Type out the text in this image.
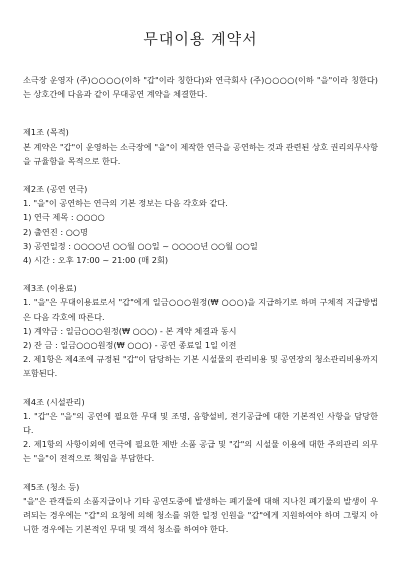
무대이용 계약서

소극장 운영자 (주)○○○○(이하 "갑"이라 칭한다)와 연극회사 (주)○○○○(이하 "을"이라 칭한다)는 상호간에 다음과 같이 무대공연 계약을 체결한다.

제1조 (목적)

본 계약은 "갑"이 운영하는 소극장에 "을"이 제작한 연극을 공연하는 것과 관련된 상호 권리의무사항을 규율함을 목적으로 한다.

제2조 (공연 연극)

1. "을"이 공연하는 연극의 기본 정보는 다음 각호와 같다.

1) 연극 제목 : ○○○○

2) 출연진 : ○○명

3) 공연일정 : ○○○○년 ○○월 ○○일 ~ ○○○○년 ○○월 ○○일

4) 시간 : 오후 17:00 ~ 21:00 (매 2회)

제3조 (이용료)

1. "을"은 무대이용료로서 "갑"에게 일금○○○원정(₩ ○○○)을 지급하기로 하며 구체적 지급방법은 다음 각호에 따른다.

1) 계약금 : 일금○○○원정(₩ ○○○) - 본 계약 체결과 동시

2) 잔 금 : 일금○○○원정(₩ ○○○) - 공연 종료일 1일 이전

2. 제1항은 제4조에 규정된 "갑"이 담당하는 기본 시설물의 관리비용 및 공연장의 청소관리비용까지 포함된다.

제4조 (시설관리)

1. "갑"은 "을"의 공연에 필요한 무대 및 조명, 음향설비, 전기공급에 대한 기본적인 사항을 담당한다.

2. 제1항의 사항이외에 연극에 필요한 제반 소품 공급 및 "갑"의 시설물 이용에 대한 주의관리 의무는 "을"이 전적으로 책임을 부담한다.

제5조 (청소 등)

"을"은 관객들의 소품지급이나 기타 공연도중에 발생하는 폐기물에 대해 지나친 폐기물의 발생이 우려되는 경우에는 "갑"의 요청에 의해 청소를 위한 일정 인원을 "갑"에게 지원하여야 하며 그렇지 아니한 경우에는 기본적인 무대 및 객석 청소를 하여야 한다.
